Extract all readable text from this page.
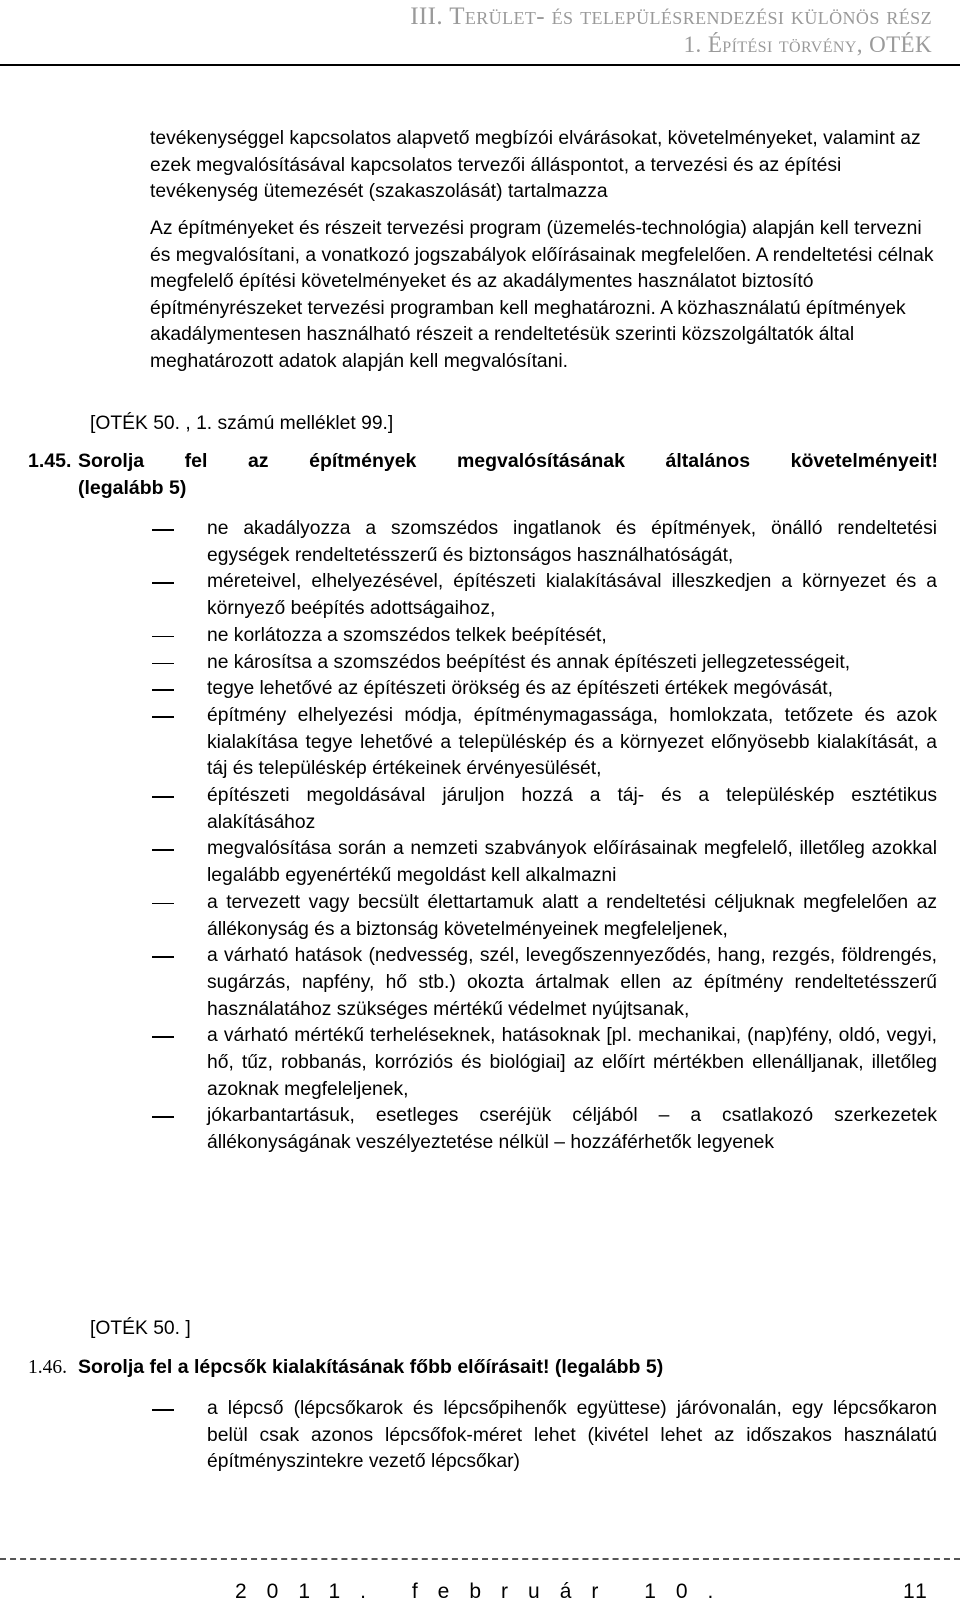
III. Terület- és településrendezési különös rész
1. Építési törvény, OTÉK

tevékenységgel kapcsolatos alapvető megbízói elvárásokat, követelményeket, valamint az ezek megvalósításával kapcsolatos tervezői álláspontot, a tervezési és az építési tevékenység ütemezését (szakaszolását) tartalmazza

Az építményeket és részeit tervezési program (üzemelés-technológia) alapján kell tervezni és megvalósítani, a vonatkozó jogszabályok előírásainak megfelelően. A rendeltetési célnak megfelelő építési követelményeket és az akadálymentes használatot biztosító építményrészeket tervezési programban kell meghatározni. A közhasználatú építmények akadálymentesen használható részeit a rendeltetésük szerinti közszolgáltatók által meghatározott adatok alapján kell megvalósítani.

[OTÉK 50. , 1. számú melléklet 99.]
1.45. Sorolja fel az építmények megvalósításának általános követelményeit!
(legalább 5)
ne akadályozza a szomszédos ingatlanok és építmények, önálló rendeltetési egységek rendeltetésszerű és biztonságos használhatóságát,
méreteivel, elhelyezésével, építészeti kialakításával illeszkedjen a környezet és a környező beépítés adottságaihoz,
ne korlátozza a szomszédos telkek beépítését,
ne károsítsa a szomszédos beépítést és annak építészeti jellegzetességeit,
tegye lehetővé az építészeti örökség és az építészeti értékek megóvását,
építmény elhelyezési módja, építménymagassága, homlokzata, tetőzete és azok kialakítása tegye lehetővé a településkép és a környezet előnyösebb kialakítását, a táj és településkép értékeinek érvényesülését,
építészeti megoldásával járuljon hozzá a táj- és a településkép esztétikus alakításához
megvalósítása során a nemzeti szabványok előírásainak megfelelő, illetőleg azokkal legalább egyenértékű megoldást kell alkalmazni
a tervezett vagy becsült élettartamuk alatt a rendeltetési céljuknak megfelelően az állékonyság és a biztonság követelményeinek megfeleljenek,
a várható hatások (nedvesség, szél, levegőszennyeződés, hang, rezgés, földrengés, sugárzás, napfény, hő stb.) okozta ártalmak ellen az építmény rendeltetésszerű használatához szükséges mértékű védelmet nyújtsanak,
a várható mértékű terheléseknek, hatásoknak [pl. mechanikai, (nap)fény, oldó, vegyi, hő, tűz, robbanás, korróziós és biológiai] az előírt mértékben ellenálljanak, illetőleg azoknak megfeleljenek,
jókarbantartásuk, esetleges cseréjük céljából – a csatlakozó szerkezetek állékonyságának veszélyeztetése nélkül – hozzáférhetők legyenek
[OTÉK 50. ]
1.46. Sorolja fel a lépcsők kialakításának főbb előírásait! (legalább 5)
a lépcső (lépcsőkarok és lépcsőpihenők együttese) járóvonalán, egy lépcsőkaron belül csak azonos lépcsőfok-méret lehet (kivétel lehet az időszakos használatú építményszintekre vezető lépcsőkar)
2011. február 10.	11
